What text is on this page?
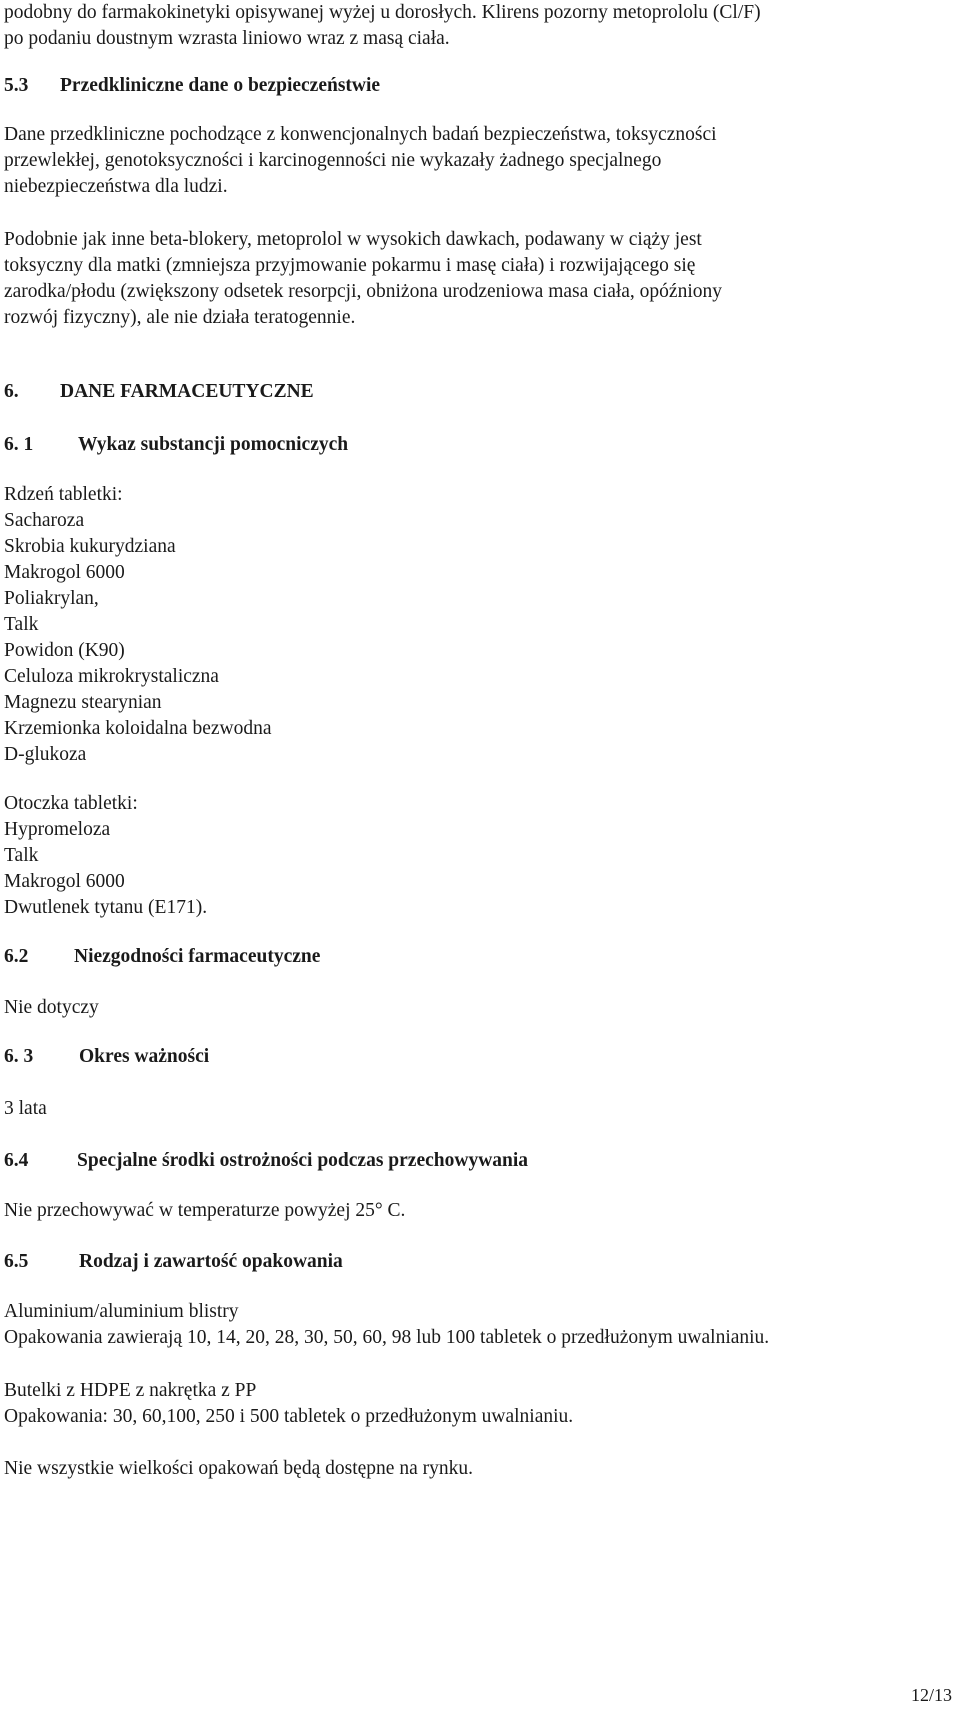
podobny do farmakokinetyki opisywanej wyżej u dorosłych. Klirens pozorny metoprololu (Cl/F)
po podaniu doustnym wzrasta liniowo wraz z masą ciała.
5.3 Przedkliniczne dane o bezpieczeństwie
Dane przedkliniczne pochodzące z konwencjonalnych badań bezpieczeństwa, toksyczności
przewlekłej, genotoksyczności i karcinogenności nie wykazały żadnego specjalnego
niebezpieczeństwa dla ludzi.
Podobnie jak inne beta-blokery, metoprolol w wysokich dawkach, podawany w ciąży jest
toksyczny dla matki (zmniejsza przyjmowanie pokarmu i masę ciała) i rozwijającego się
zarodka/płodu (zwiększony odsetek resorpcji, obniżona urodzeniowa masa ciała, opóźniony
rozwój fizyczny), ale nie działa teratogennie.
6. DANE FARMACEUTYCZNE
6. 1 Wykaz substancji pomocniczych
Rdzeń tabletki:
Sacharoza
Skrobia kukurydziana
Makrogol 6000
Poliakrylan,
Talk
Powidon (K90)
Celuloza mikrokrystaliczna
Magnezu stearynian
Krzemionka koloidalna bezwodna
D-glukoza
Otoczka tabletki:
Hypromeloza
Talk
Makrogol 6000
Dwutlenek tytanu (E171).
6.2 Niezgodności farmaceutyczne
Nie dotyczy
6. 3 Okres ważności
3 lata
6.4 Specjalne środki ostrożności podczas przechowywania
Nie przechowywać w temperaturze powyżej 25° C.
6.5	Rodzaj i zawartość opakowania
Aluminium/aluminium blistry
Opakowania zawierają 10, 14, 20, 28, 30, 50, 60, 98 lub 100 tabletek o przedłużonym uwalnianiu.
Butelki z HDPE z nakrętka z PP
Opakowania: 30, 60,100, 250 i 500 tabletek o przedłużonym uwalnianiu.
Nie wszystkie wielkości opakowań będą dostępne na rynku.
12/13
